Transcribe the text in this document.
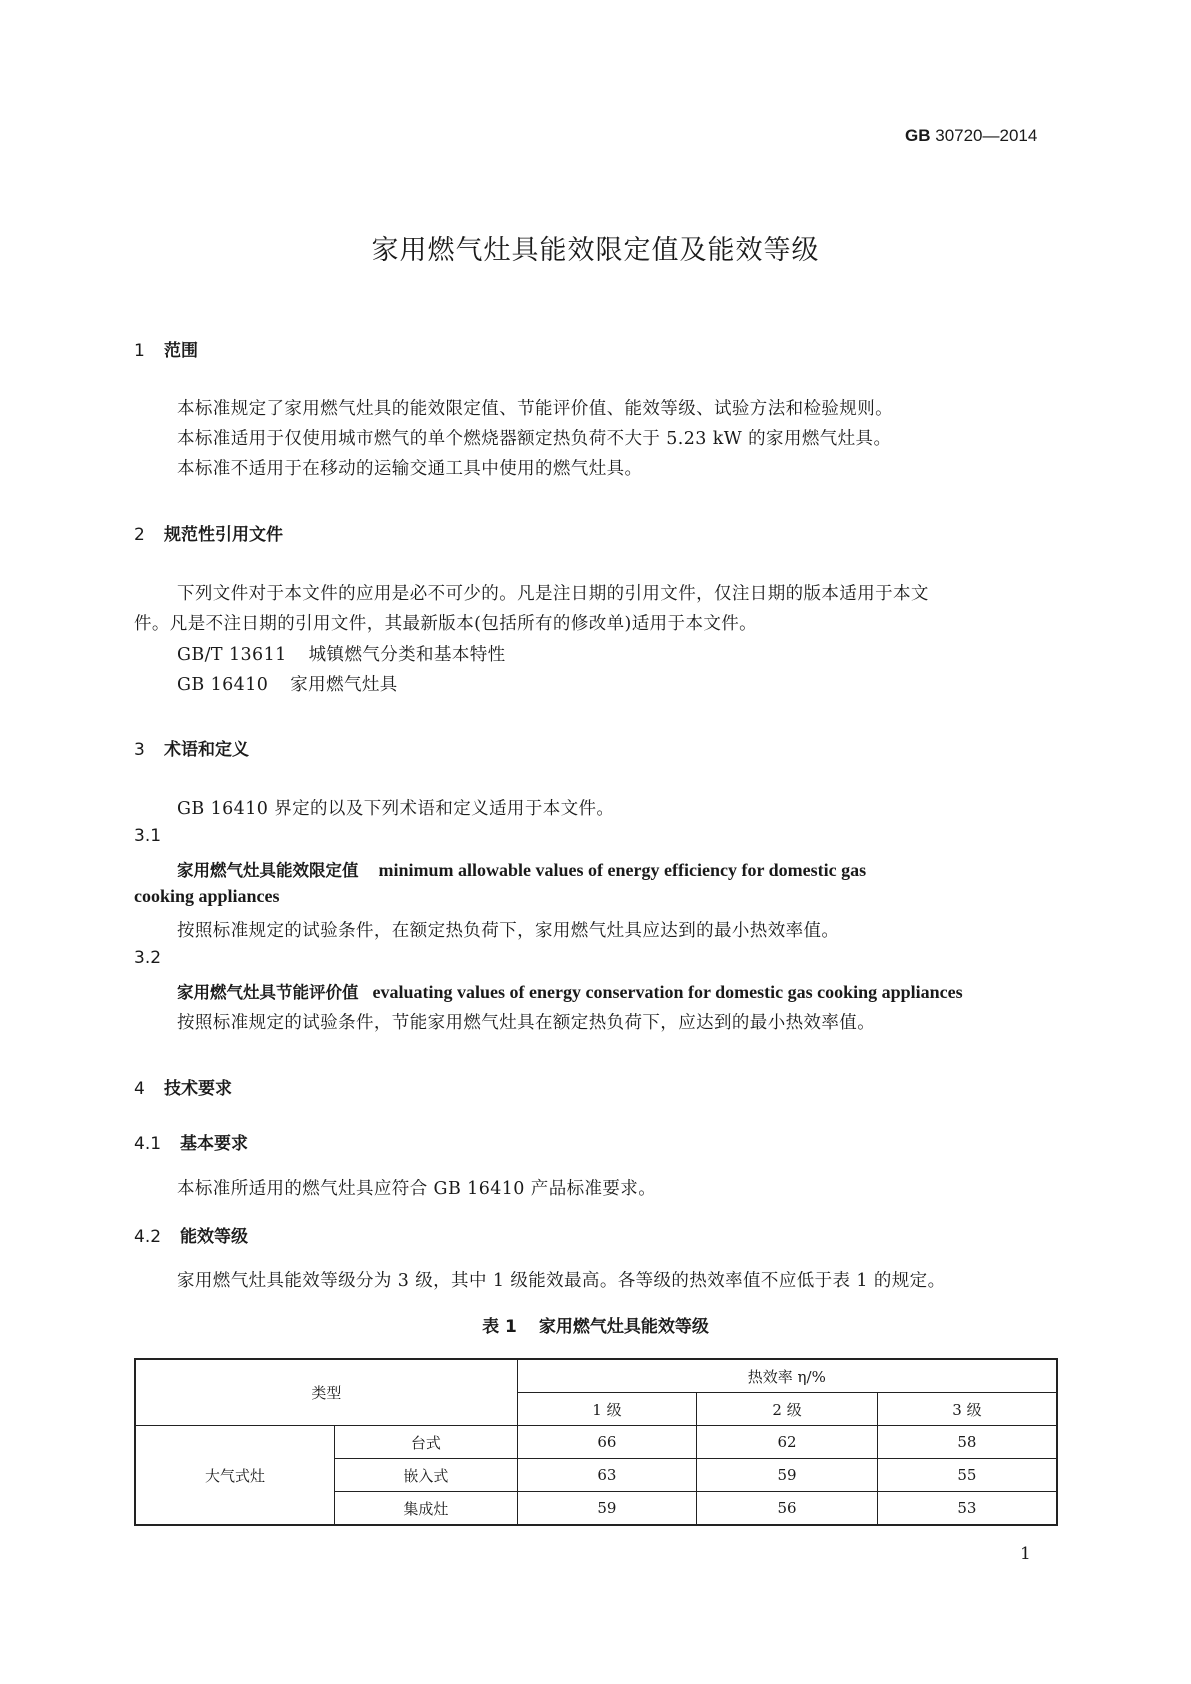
GB 30720—2014
家用燃气灶具能效限定值及能效等级
1 范围
本标准规定了家用燃气灶具的能效限定值、节能评价值、能效等级、试验方法和检验规则。
本标准适用于仅使用城市燃气的单个燃烧器额定热负荷不大于 5.23 kW 的家用燃气灶具。
本标准不适用于在移动的运输交通工具中使用的燃气灶具。
2 规范性引用文件
下列文件对于本文件的应用是必不可少的。凡是注日期的引用文件，仅注日期的版本适用于本文
件。凡是不注日期的引用文件，其最新版本(包括所有的修改单)适用于本文件。
GB/T 13611 城镇燃气分类和基本特性
GB 16410 家用燃气灶具
3 术语和定义
GB 16410 界定的以及下列术语和定义适用于本文件。
3.1
家用燃气灶具能效限定值 minimum allowable values of energy efficiency for domestic gas
cooking appliances
按照标准规定的试验条件，在额定热负荷下，家用燃气灶具应达到的最小热效率值。
3.2
家用燃气灶具节能评价值 evaluating values of energy conservation for domestic gas cooking appliances
按照标准规定的试验条件，节能家用燃气灶具在额定热负荷下，应达到的最小热效率值。
4 技术要求
4.1 基本要求
本标准所适用的燃气灶具应符合 GB 16410 产品标准要求。
4.2 能效等级
家用燃气灶具能效等级分为 3 级，其中 1 级能效最高。各等级的热效率值不应低于表 1 的规定。
表 1 家用燃气灶具能效等级
类型		热效率 η/%		
		1 级	2 级	3 级
大气式灶	台式	66	62	58
	嵌入式	63	59	55
	集成灶	59	56	53
1
